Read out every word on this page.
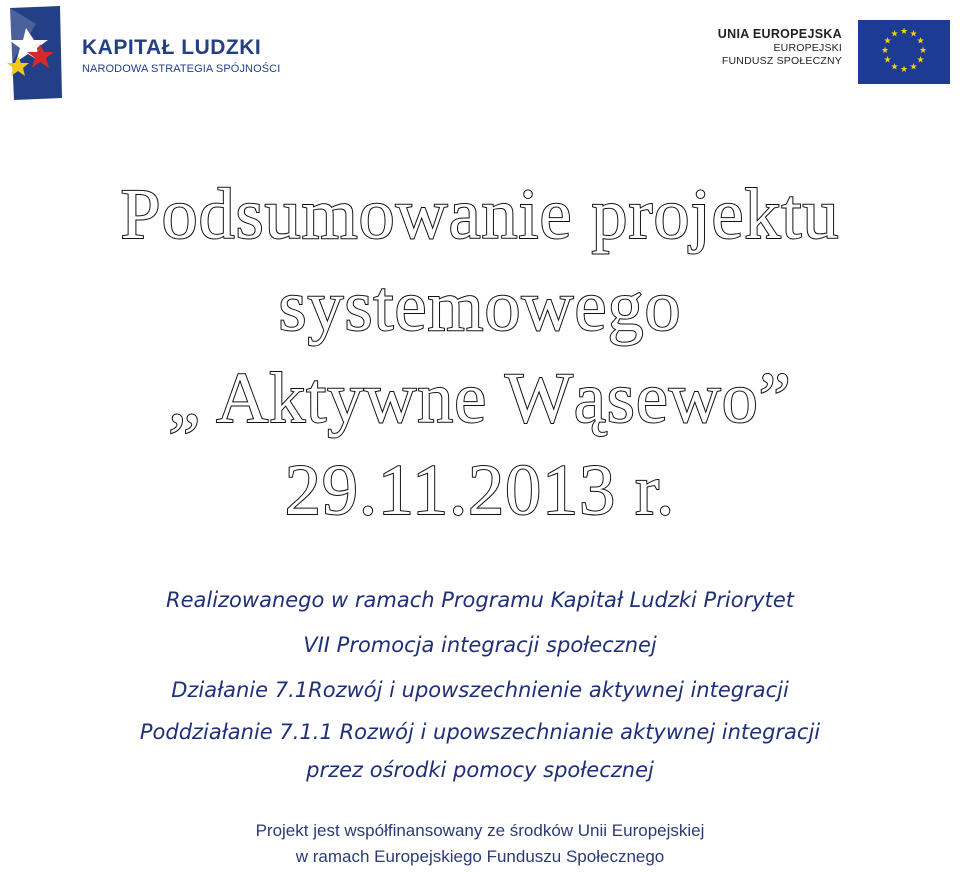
KAPITAŁ LUDZKI
NARODOWA STRATEGIA SPÓJNOŚCI
UNIA EUROPEJSKA
EUROPEJSKI
FUNDUSZ SPOŁECZNY
★ ★
★
★
★
★
★
★
★
★
★
★
Podsumowanie projektu
systemowego
„ Aktywne Wąsewo”
29.11.2013 r.
Realizowanego w ramach Programu Kapitał Ludzki Priorytet
VII Promocja integracji społecznej
Działanie 7.1Rozwój i upowszechnienie aktywnej integracji
Poddziałanie 7.1.1 Rozwój i upowszechnianie aktywnej integracji
przez ośrodki pomocy społecznej
Projekt jest współfinansowany ze środków Unii Europejskiej
w ramach Europejskiego Funduszu Społecznego
